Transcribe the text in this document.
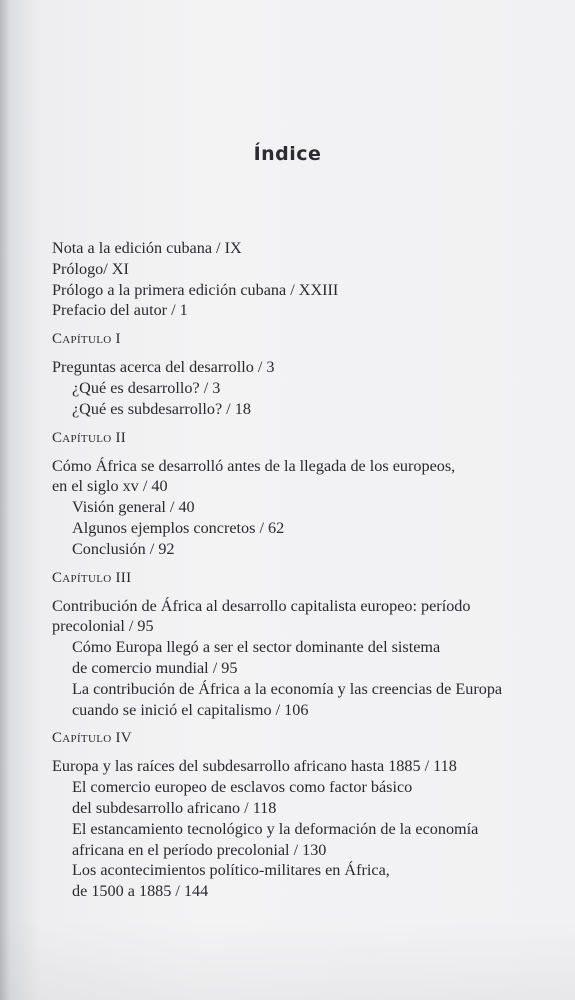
Índice
Nota a la edición cubana / IX
Prólogo/ XI
Prólogo a la primera edición cubana / XXIII
Prefacio del autor / 1
Capítulo I
Preguntas acerca del desarrollo / 3
¿Qué es desarrollo? / 3
¿Qué es subdesarrollo? / 18
Capítulo II
Cómo África se desarrolló antes de la llegada de los europeos,
en el siglo xv / 40
Visión general / 40
Algunos ejemplos concretos / 62
Conclusión / 92
Capítulo III
Contribución de África al desarrollo capitalista europeo: período
precolonial / 95
Cómo Europa llegó a ser el sector dominante del sistema
de comercio mundial / 95
La contribución de África a la economía y las creencias de Europa
cuando se inició el capitalismo / 106
Capítulo IV
Europa y las raíces del subdesarrollo africano hasta 1885 / 118
El comercio europeo de esclavos como factor básico
del subdesarrollo africano / 118
El estancamiento tecnológico y la deformación de la economía
africana en el período precolonial / 130
Los acontecimientos político-militares en África,
de 1500 a 1885 / 144
